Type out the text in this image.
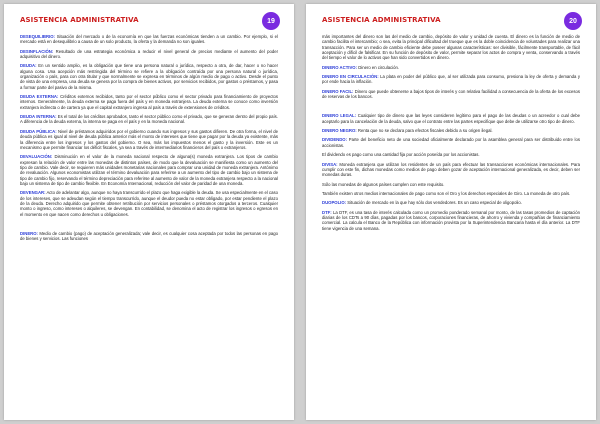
ASISTENCIA ADMINISTRATIVA	19

DESEQUILIBRIO: Situación del mercado o de la economía en que las fuerzas económicas tienden a un cambio. Por ejemplo, si el mercado está en desequilibrio a causa de un solo producto, la oferta y la demanda no son iguales.

DESINFLACIÓN: Resultado de una estrategia económica a reducir el nivel general de precios mediante el aumento del poder adquisitivo del dinero.

DEUDA: En un sentido amplio, es la obligación que tiene una persona natural o jurídica, respecto a otra, de dar, hacer o no hacer alguna cosa. Una acepción más restringida del término se refiere a la obligación contraída por una persona natural o jurídica, organización o país, para con otra titular y que normalmente se expresa en términos de algún medio de pago o activo. Desde el punto de vista de una empresa, una deuda se genera por la compra de bienes activos, por servicios recibidos, por gastos o préstamos, y pasa a formar parte del pasivo de la misma.

DEUDA EXTERNA: Créditos externos recibidos, tanto por el sector público como el sector privado para financiamiento de proyectos internos. Generalmente, la deuda externa se paga fuera del país y en moneda extranjera. La deuda externa se conoce como inversión extranjera indirecta o de cartera ya que el capital extranjero ingresa al país a través de extensiones de créditos.

DEUDA INTERNA: Es el total de los créditos aprobados, tanto el sector público como el privado, que se generan dentro del propio país. A diferencia de la deuda externa, la interna se paga en el país y en la moneda nacional.

DEUDA PÚBLICA: Nivel de préstamos adquiridos por el gobierno cuando sus ingresos y sus gastos difieren. De otra forma, el nivel de deuda pública es igual al nivel de deuda pública anterior más el monto de intereses que tiene que pagar por la deuda ya existente, más la diferencia entre los ingresos y los gastos del gobierno. O sea, más los impuestos menos el gasto y la inversión. Este es un mecanismo que permite financiar los déficit fiscales, ya sea a través de intermediarios financieros del país o extranjeros.

DEVALUACIÓN: Disminución en el valor de la moneda nacional respecto de alguna(s) moneda extranjera. Los tipos de cambio expresan la relación de valor entre las monedas de distintos países, de modo que la devaluación se manifiesta como un aumento del tipo de cambio. Vale decir, se requieren más unidades monetarias nacionales para comprar una unidad de moneda extranjera. Antónimo de revaluación. Algunos economistas utilizan el término devaluación para referirse a un aumento del tipo de cambio bajo un sistema de tipo de cambio fijo, reservando el término depreciación para referirse al aumento de valor de la moneda extranjera respecto a la nacional bajo un sistema de tipo de cambio flexible. En Economía Internacional, reducción del valor de paridad de una moneda.

DEVENGAR: Acto de adelantar algo, aunque no haya transcurrido el plazo que haga exigible la deuda. Se usa especialmente en el caso de los intereses, que se adeudan según el tiempo transcurrido, aunque el deudor pueda no estar obligado, por estar pendiente el plazo de la deuda. Derecho adquirido que permite obtener retribución por servicios personales o préstamos otorgados a terceros. Cualquier monto o ingreso, como intereses o alquileres, se devengan. En contabilidad, se denomina el acto de registrar los ingresos o egresos en el momento en que nacen como derechos u obligaciones.

DINERO: Medio de cambio (pago) de aceptación generalizada; vale decir, es cualquier cosa aceptada por todos las personas en pago de bienes y servicios. Las funciones

ASISTENCIA ADMINISTRATIVA	20

más importantes del dinero son las del medio de cambio, depósito de valor y unidad de cuenta. El dinero es la función de medio de cambio facilita el intercambio; o sea, evita la principal dificultad del trueque que es la doble coincidencia de voluntades para realizar una transacción. Para ser un medio de cambio eficiente debe poseer algunas características: ser divisible, fácilmente transportable, de fácil aceptación y difícil de falsificar. En su función de depósito de valor, permite separar los actos de compra y venta, conservando a través del tiempo el valor de lo activos que han sido convertidos en dinero.

DINERO ACTIVO: Dinero en circulación.

DINERO EN CIRCULACIÓN: La plata en poder del público que, al ser utilizada para consumo, presiona la ley de oferta y demanda y por ende hacia la inflación.

DINERO FACIL: Dinero que puede obtenerse a bajos tipos de interés y con relativa facilidad a consecuencia de la oferta de los excesos de reservas de los bancos.

DINERO LEGAL: Cualquier tipo de dinero que las leyes consideren legítimo para el pago de las deudas o un acreedor o cual debe aceptarlo para la cancelación de la deuda, salvo que el contrato entre las partes especifique que debe de utilizarse otro tipo de dinero.

DINERO NEGRO: Renta que no se declara para efectos fiscales debido a su origen ilegal.

DIVIDENDO: Parte del beneficio neto de una sociedad oficialmente declarado por la asamblea general para ser distribuido entre los accionistas.

El dividendo es pago como una cantidad fija por acción poseída por los accionistas.

DIVISA: Moneda extranjera que utilizan los residentes de un país para efectuar las transacciones económicas internacionales. Para cumplir con este fin, dichas monedas como medios de pago deben gozar de aceptación internacional generalizada, es decir, deben ser monedas duras.

Sólo las monedas de algunos países cumplen con este requisito.

También existen otros medios internacionales de pago como son el Oro y los derechos especiales de Giro. La moneda de otro país.

DUOPOLIO: Situación de mercado en la que hay sólo dos vendedores. Es un caso especial de oligopolio.

DTF: La DTF, es una tasa de interés calculada como un promedio ponderado semanal por monto, de las tasas promedios de captación diarias de los CDTs a 90 días, pagadas por los bancos, corporaciones financieras, de ahorro y vivienda y compañías de financiamiento comercial. La calcula el Banco de la República con información provista por la Superintendencia Bancaria hasta el día anterior. La DTF tiene vigencia de una semana.
